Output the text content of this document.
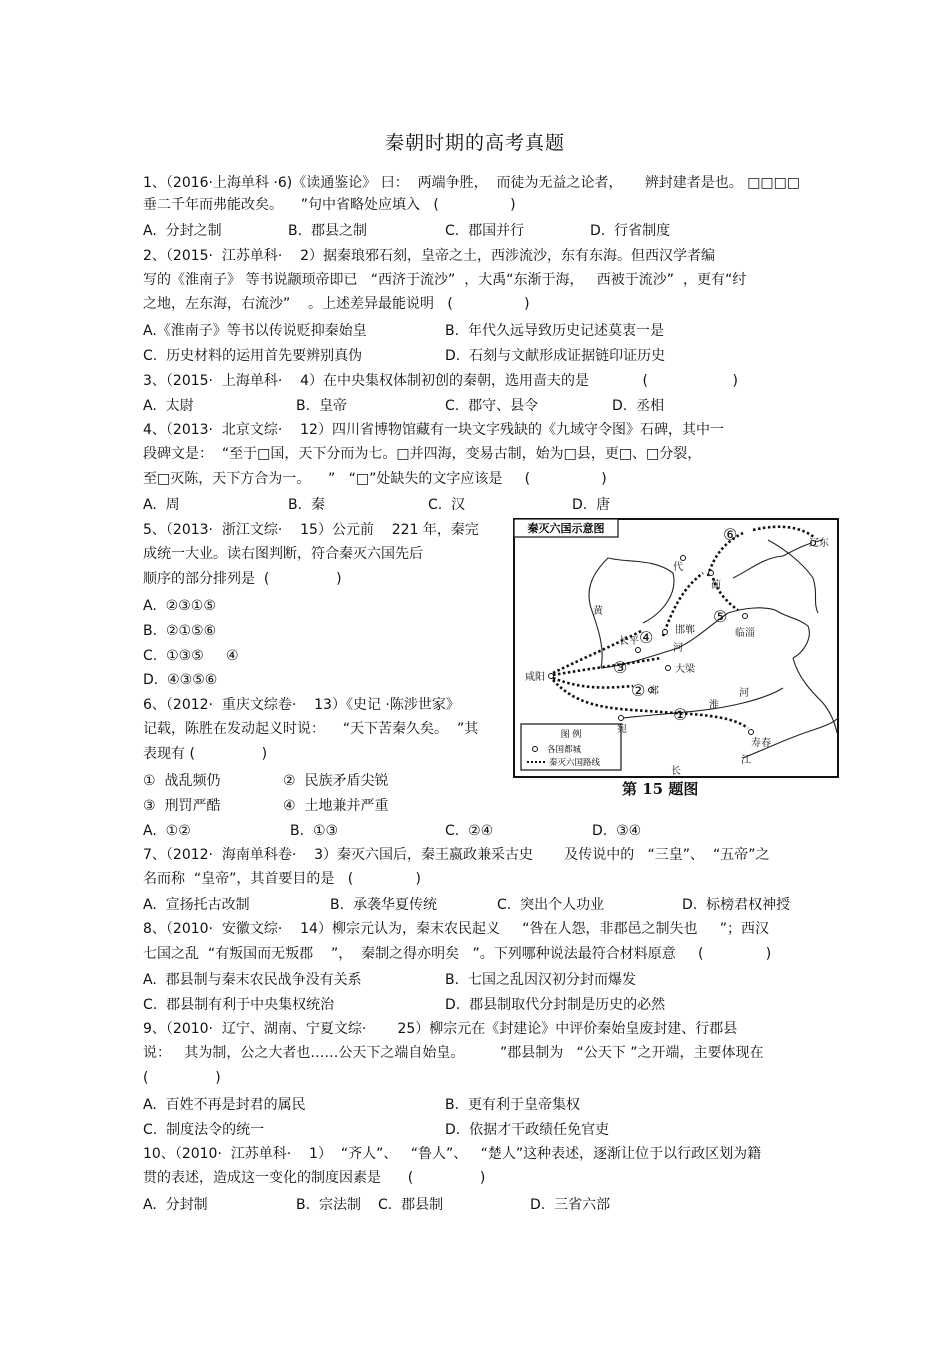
秦朝时期的高考真题
1、（2016·上海单科 ·6)《读通鉴论》 曰：  两端争胜，  而徒为无益之论者，     辨封建者是也。 □□□□
垂二千年而弗能改矣。    ”句中省略处应填入   (                )
A.  分封之制	B.  郡县之制	C.  郡国并行	D.  行省制度
2、（2015·  江苏单科·    2）据秦琅邪石刻，皇帝之土，西涉流沙，东有东海。但西汉学者编
写的《淮南子》 等书说颛顼帝即已   “西济于流沙”  ，大禹“东渐于海，   西被于流沙”  ，更有“纣
之地，左东海，右流沙”    。上述差异最能说明   (                )
A.《淮南子》等书以传说贬抑秦始皇	B.  年代久远导致历史记述莫衷一是
C.  历史材料的运用首先要辨别真伪	D.  石刻与文献形成证据链印证历史
3、（2015·  上海单科·    4）在中央集权体制初创的秦朝，选用啬夫的是            (                   )
A.  太尉	B.  皇帝	C.  郡守、县令	D.  丞相
4、（2013·  北京文综·    12）四川省博物馆藏有一块文字残缺的《九域守令图》石碑，其中一
段碑文是：  “至于□国，天下分而为七。□并四海，变易古制，始为□县，更□、□分裂，
至□灭陈，天下方合为一。    ”   “□”处缺失的文字应该是     (                )
A.  周	B.  秦	C.  汉	D.  唐
5、（2013·  浙江文综·    15）公元前    221 年，秦完
成统一大业。读右图判断，符合秦灭六国先后
顺序的部分排列是  (               )
A.  ②③①⑤
B.  ②①⑤⑥
C.  ①③⑤     ④
D.  ④③⑤⑥
6、（2012·  重庆文综卷·    13）《史记 ·陈涉世家》
记载，陈胜在发动起义时说：    “天下苦秦久矣。  ”其
表现有 (               )
①  战乱频仍	②  民族矛盾尖锐
③  刑罚严酷	④  土地兼并严重
A.  ①②	B.  ①③	C.  ②④	D.  ③④
7、（2012·  海南单科卷·    3）秦灭六国后，秦王嬴政兼采古史       及传说中的   “三皇”、  “五帝”之
名而称  “皇帝”，其首要目的是   (              )
A.  宣扬托古改制	B.  承袭华夏传统	C.  突出个人功业	D.  标榜君权神授
8、（2010·  安徽文综·    14）柳宗元认为，秦末农民起义     “咎在人怨，非郡邑之制失也     ”；西汉
七国之乱  “有叛国而无叛郡    ”，  秦制之得亦明矣   ”。下列哪种说法最符合材料原意     (              )
A.  郡县制与秦末农民战争没有关系	B.  七国之乱因汉初分封而爆发
C.  郡县制有利于中央集权统治	D.  郡县制取代分封制是历史的必然
9、（2010·  辽宁、湖南、宁夏文综·       25）柳宗元在《封建论》中评价秦始皇废封建、行郡县
说：   其为制，公之大者也……公天下之端自始皇。        ”郡县制为   “公天下 ”之开端，主要体现在
(               )
A.  百姓不再是封君的属民	B.  更有利于皇帝集权
C.  制度法令的统一	D.  依据才干政绩任免官吏
10、（2010·  江苏单科·    1）  “齐人”、   “鲁人”、   “楚人”这种表述，逐渐让位于以行政区划为籍
贯的表述，造成这一变化的制度因素是      (               )
A.  分封制	B.  宗法制 C.  郡县制	D.  三省六部
秦灭六国示意图
图 例
各国都城
秦灭六国路线
辽东
代
蓟
邯郸	临淄
长平
大梁
咸阳
郑
宛
寿春
黄
河
淮
河
江
长
①
②
③
④
⑤
⑥
第 15 题图
